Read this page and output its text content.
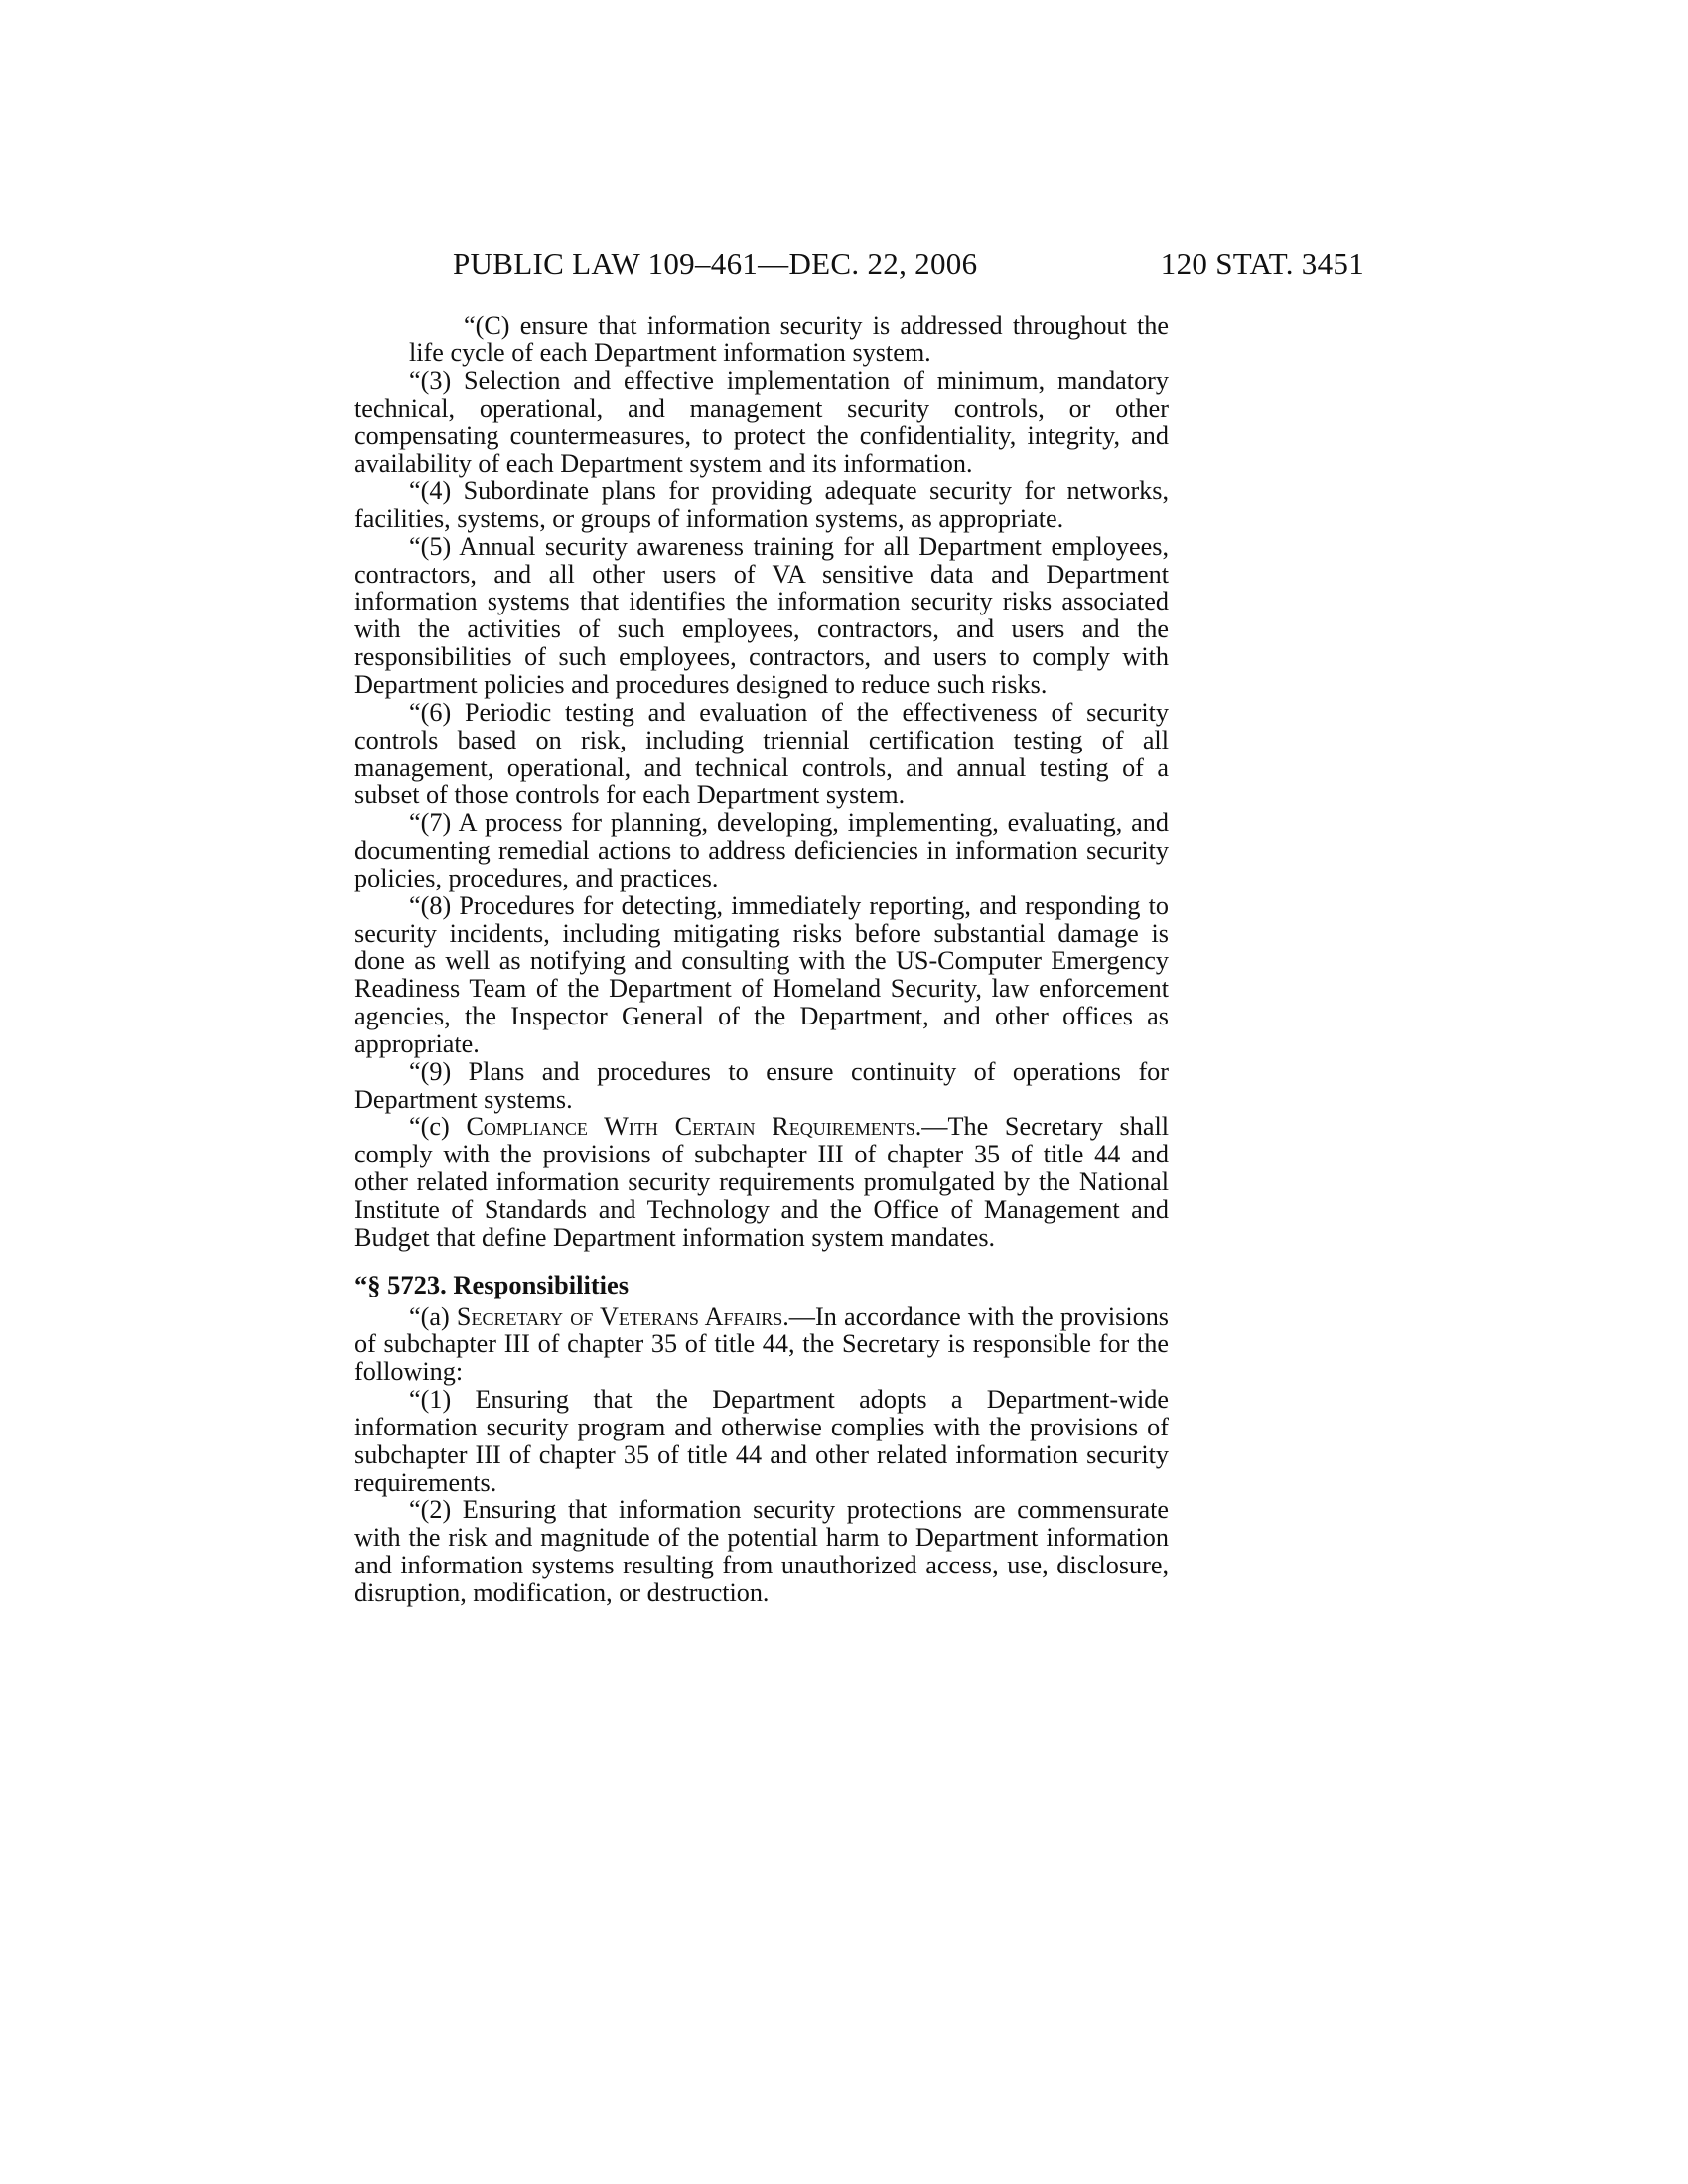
PUBLIC LAW 109–461—DEC. 22, 2006	120 STAT. 3451

“(C) ensure that information security is addressed throughout the life cycle of each Department information system.

“(3) Selection and effective implementation of minimum, mandatory technical, operational, and management security controls, or other compensating countermeasures, to protect the confidentiality, integrity, and availability of each Department system and its information.

“(4) Subordinate plans for providing adequate security for networks, facilities, systems, or groups of information systems, as appropriate.

“(5) Annual security awareness training for all Department employees, contractors, and all other users of VA sensitive data and Department information systems that identifies the information security risks associated with the activities of such employees, contractors, and users and the responsibilities of such employees, contractors, and users to comply with Department policies and procedures designed to reduce such risks.

“(6) Periodic testing and evaluation of the effectiveness of security controls based on risk, including triennial certification testing of all management, operational, and technical controls, and annual testing of a subset of those controls for each Department system.

“(7) A process for planning, developing, implementing, evaluating, and documenting remedial actions to address deficiencies in information security policies, procedures, and practices.

“(8) Procedures for detecting, immediately reporting, and responding to security incidents, including mitigating risks before substantial damage is done as well as notifying and consulting with the US-Computer Emergency Readiness Team of the Department of Homeland Security, law enforcement agencies, the Inspector General of the Department, and other offices as appropriate.

“(9) Plans and procedures to ensure continuity of operations for Department systems.

“(c) Compliance With Certain Requirements.—The Secretary shall comply with the provisions of subchapter III of chapter 35 of title 44 and other related information security requirements promulgated by the National Institute of Standards and Technology and the Office of Management and Budget that define Department information system mandates.

“§ 5723. Responsibilities

“(a) Secretary of Veterans Affairs.—In accordance with the provisions of subchapter III of chapter 35 of title 44, the Secretary is responsible for the following:

“(1) Ensuring that the Department adopts a Department-wide information security program and otherwise complies with the provisions of subchapter III of chapter 35 of title 44 and other related information security requirements.

“(2) Ensuring that information security protections are commensurate with the risk and magnitude of the potential harm to Department information and information systems resulting from unauthorized access, use, disclosure, disruption, modification, or destruction.
